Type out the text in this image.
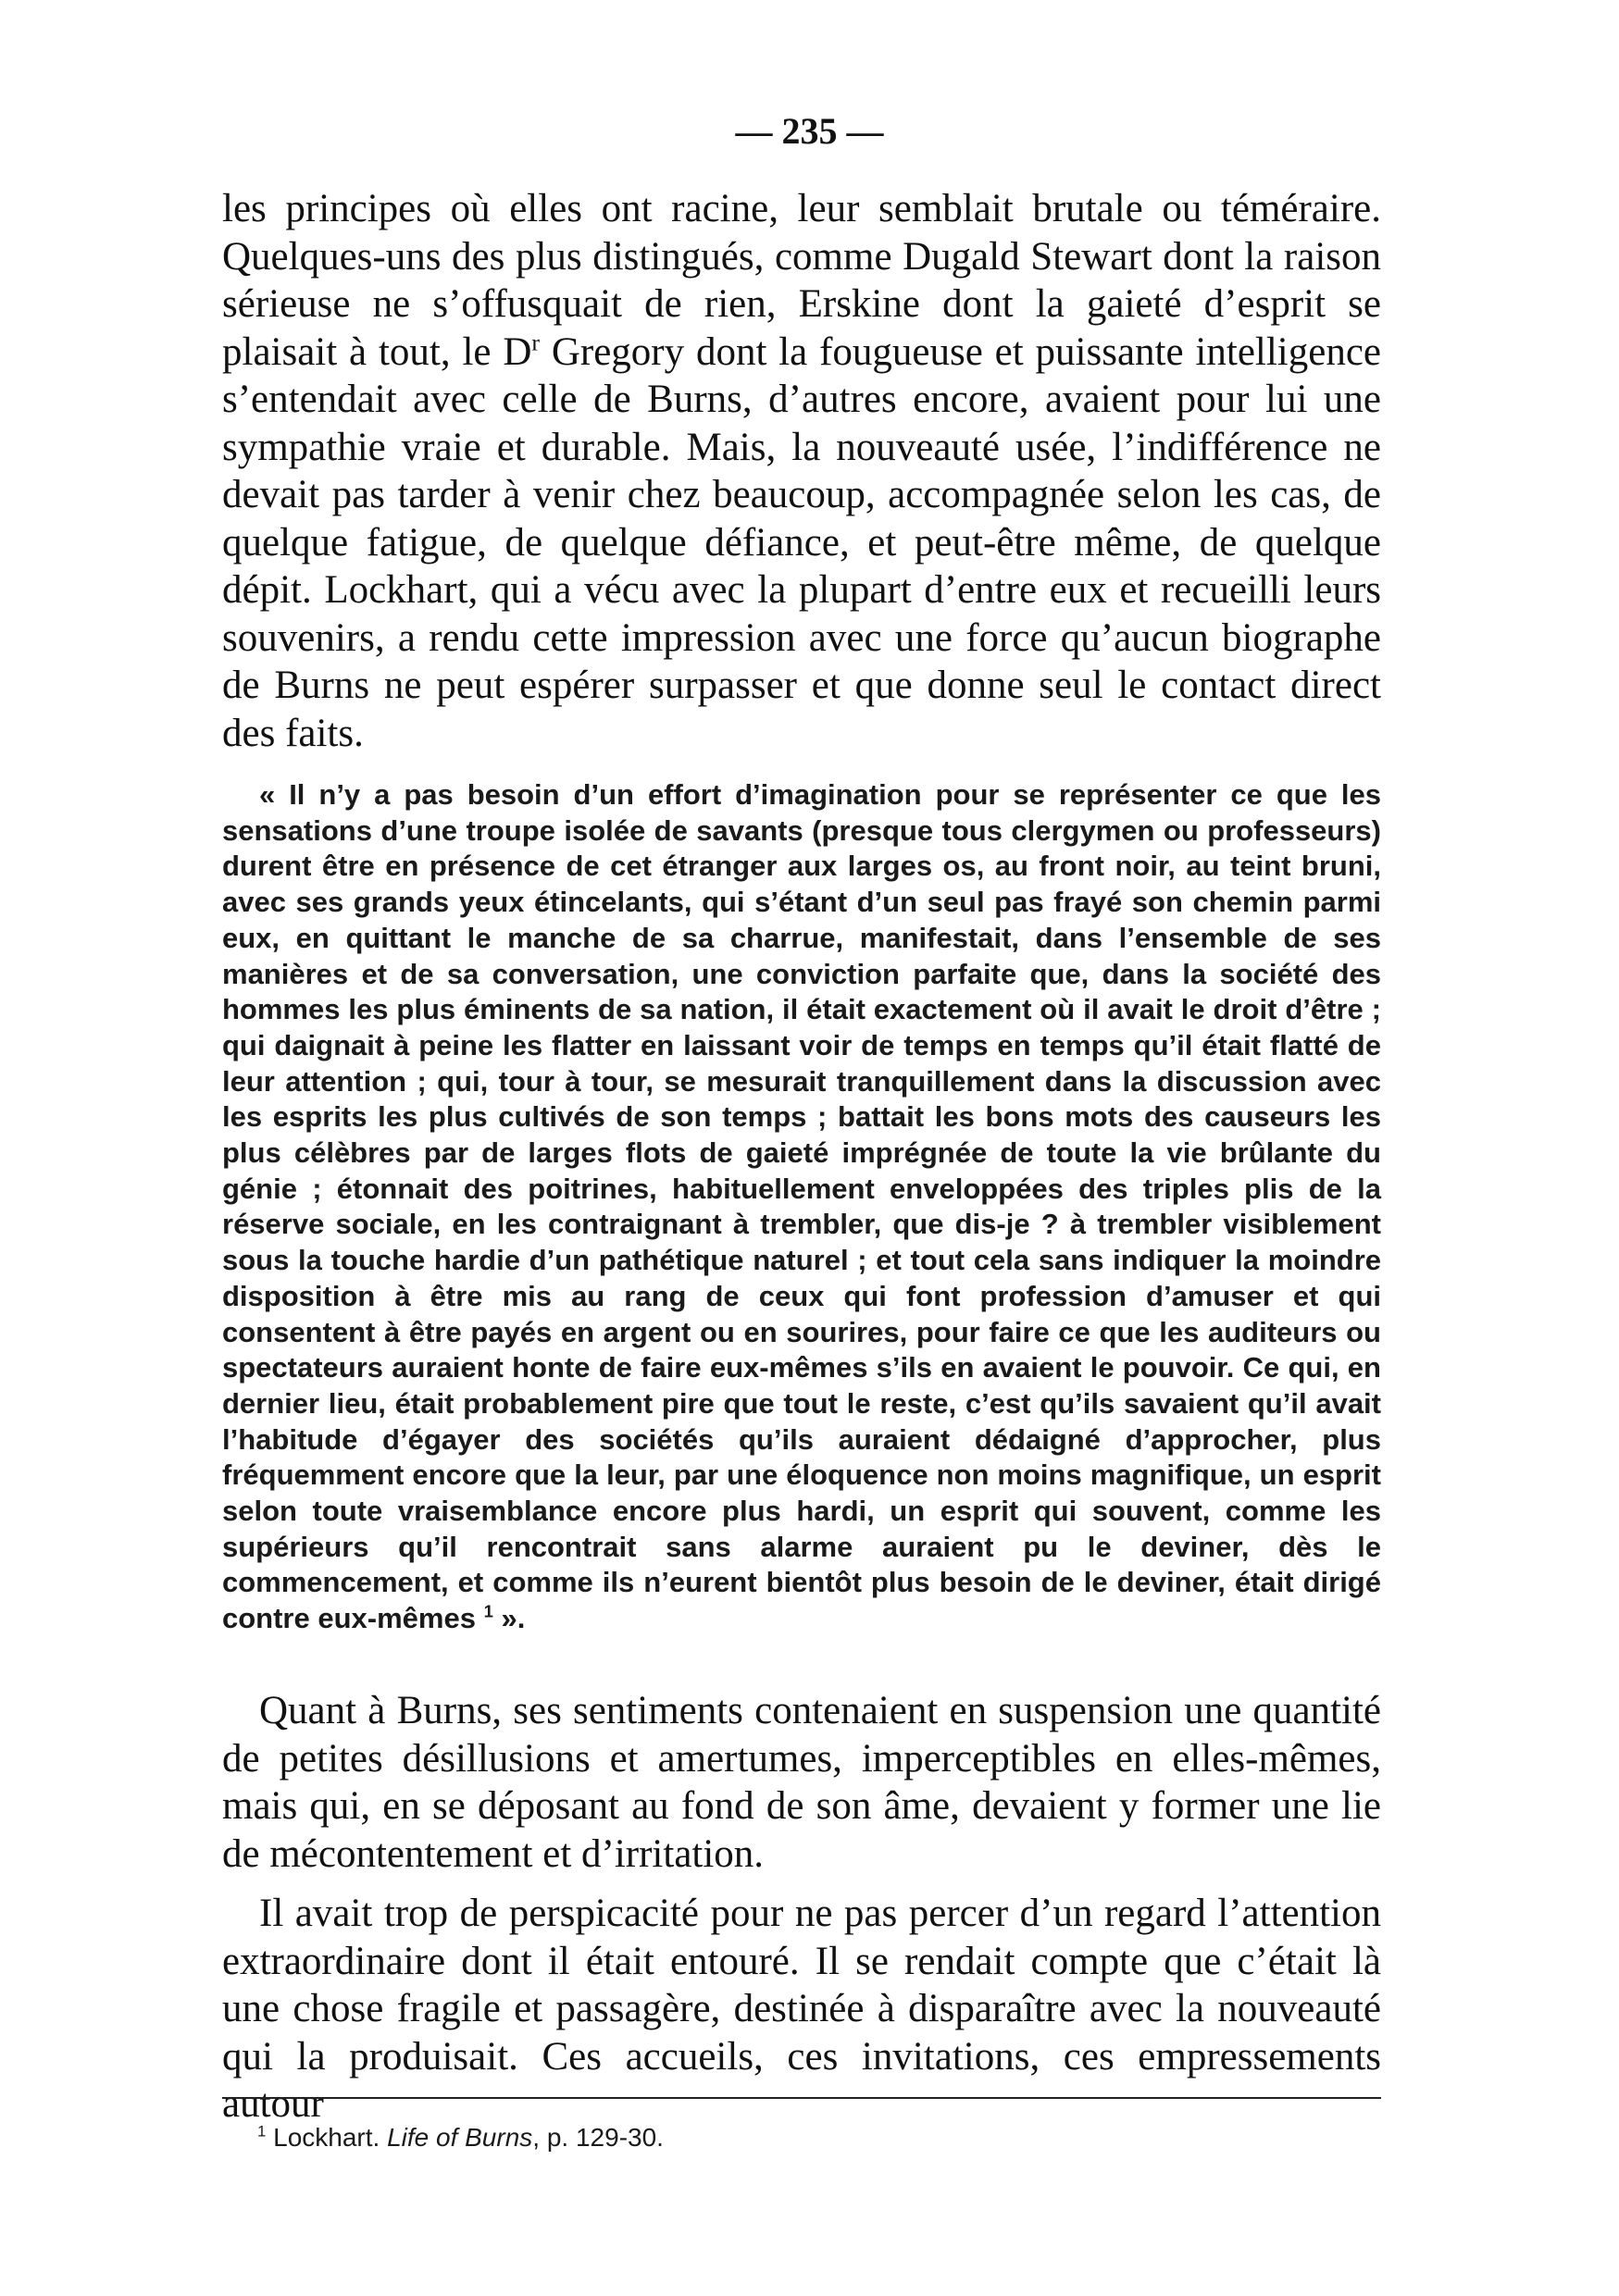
— 235 —

les principes où elles ont racine, leur semblait brutale ou téméraire. Quelques-uns des plus distingués, comme Dugald Stewart dont la raison sérieuse ne s’offusquait de rien, Erskine dont la gaieté d’esprit se plaisait à tout, le $D^r$ Gregory dont la fougueuse et puissante intelligence s’entendait avec celle de Burns, d’autres encore, avaient pour lui une sympathie vraie et durable. Mais, la nouveauté usée, l’indifférence ne devait pas tarder à venir chez beaucoup, accompagnée selon les cas, de quelque fatigue, de quelque défiance, et peut-être même, de quelque dépit. Lockhart, qui a vécu avec la plupart d’entre eux et recueilli leurs souvenirs, a rendu cette impression avec une force qu’aucun biographe de Burns ne peut espérer surpasser et que donne seul le contact direct des faits.

« Il n’y a pas besoin d’un effort d’imagination pour se représenter ce que les sensations d’une troupe isolée de savants (presque tous clergymen ou professeurs) durent être en présence de cet étranger aux larges os, au front noir, au teint bruni, avec ses grands yeux étincelants, qui s’étant d’un seul pas frayé son chemin parmi eux, en quittant le manche de sa charrue, manifestait, dans l’ensemble de ses manières et de sa conversation, une conviction parfaite que, dans la société des hommes les plus éminents de sa nation, il était exactement où il avait le droit d’être ; qui daignait à peine les flatter en laissant voir de temps en temps qu’il était flatté de leur attention ; qui, tour à tour, se mesurait tranquillement dans la discussion avec les esprits les plus cultivés de son temps ; battait les bons mots des causeurs les plus célèbres par de larges flots de gaieté imprégnée de toute la vie brûlante du génie ; étonnait des poitrines, habituellement enveloppées des triples plis de la réserve sociale, en les contraignant à trembler, que dis-je ? à trembler visiblement sous la touche hardie d’un pathétique naturel ; et tout cela sans indiquer la moindre disposition à être mis au rang de ceux qui font profession d’amuser et qui consentent à être payés en argent ou en sourires, pour faire ce que les auditeurs ou spectateurs auraient honte de faire eux-mêmes s’ils en avaient le pouvoir. Ce qui, en dernier lieu, était probablement pire que tout le reste, c’est qu’ils savaient qu’il avait l’habitude d’égayer des sociétés qu’ils auraient dédaigné d’approcher, plus fréquemment encore que la leur, par une éloquence non moins magnifique, un esprit selon toute vraisemblance encore plus hardi, un esprit qui souvent, comme les supérieurs qu’il rencontrait sans alarme auraient pu le deviner, dès le commencement, et comme ils n’eurent bientôt plus besoin de le deviner, était dirigé contre eux-mêmes $^1$ ».

Quant à Burns, ses sentiments contenaient en suspension une quantité de petites désillusions et amertumes, imperceptibles en elles-mêmes, mais qui, en se déposant au fond de son âme, devaient y former une lie de mécontentement et d’irritation.

Il avait trop de perspicacité pour ne pas percer d’un regard l’attention extraordinaire dont il était entouré. Il se rendait compte que c’était là une chose fragile et passagère, destinée à disparaître avec la nouveauté qui la produisait. Ces accueils, ces invitations, ces empressements autour

$^1$ Lockhart. Life of Burns, p. 129-30.
